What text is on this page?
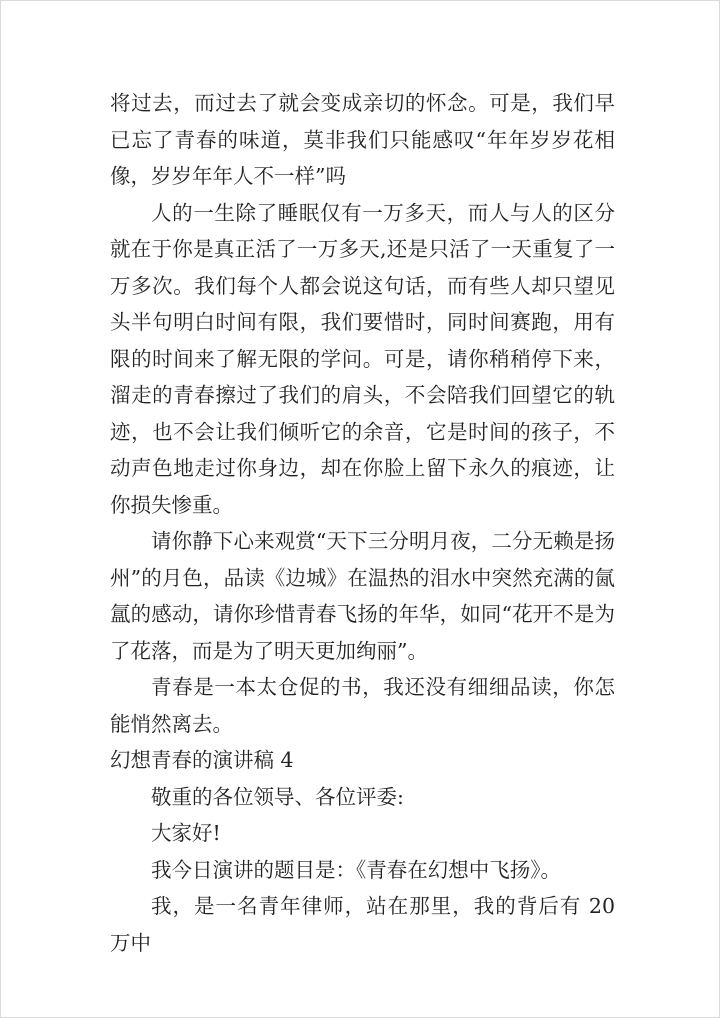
将过去，而过去了就会变成亲切的怀念。可是，我们早已忘了青春的味道，莫非我们只能感叹“年年岁岁花相像，岁岁年年人不一样”吗

人的一生除了睡眠仅有一万多天，而人与人的区分就在于你是真正活了一万多天,还是只活了一天重复了一万多次。我们每个人都会说这句话，而有些人却只望见头半句明白时间有限，我们要惜时，同时间赛跑，用有限的时间来了解无限的学问。可是，请你稍稍停下来，溜走的青春擦过了我们的肩头，不会陪我们回望它的轨迹，也不会让我们倾听它的余音，它是时间的孩子，不动声色地走过你身边，却在你脸上留下永久的痕迹，让你损失惨重。

请你静下心来观赏“天下三分明月夜，二分无赖是扬州”的月色，品读《边城》在温热的泪水中突然充满的氤氲的感动，请你珍惜青春飞扬的年华，如同“花开不是为了花落，而是为了明天更加绚丽”。

青春是一本太仓促的书，我还没有细细品读，你怎能悄然离去。

幻想青春的演讲稿 4

敬重的各位领导、各位评委:

大家好!

我今日演讲的题目是：《青春在幻想中飞扬》。

我，是一名青年律师，站在那里，我的背后有 20 万中
